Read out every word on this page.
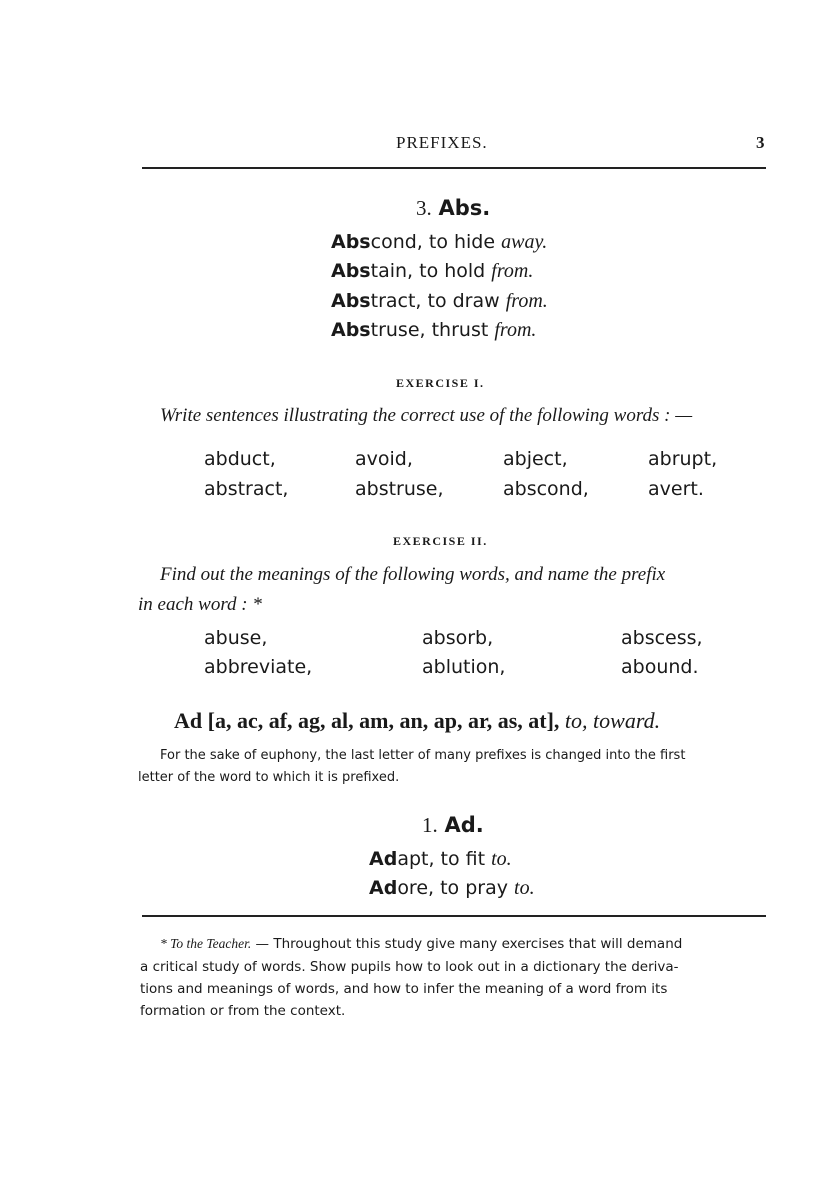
PREFIXES.	3
3. Abs.
Abscond, to hide away.
Abstain, to hold from.
Abstract, to draw from.
Abstruse, thrust from.
EXERCISE I.
Write sentences illustrating the correct use of the following words : —
abduct,	avoid,	abject,	abrupt,
abstract,	abstruse,	abscond,	avert.
EXERCISE II.
Find out the meanings of the following words, and name the prefix
in each word : *
abuse,	absorb,	abscess,
abbreviate,	ablution,	abound.
Ad [a, ac, af, ag, al, am, an, ap, ar, as, at], to, toward.
For the sake of euphony, the last letter of many prefixes is changed into the first
letter of the word to which it is prefixed.
1. Ad.
Adapt, to fit to.
Adore, to pray to.
* To the Teacher. — Throughout this study give many exercises that will demand
a critical study of words. Show pupils how to look out in a dictionary the deriva-
tions and meanings of words, and how to infer the meaning of a word from its
formation or from the context.
